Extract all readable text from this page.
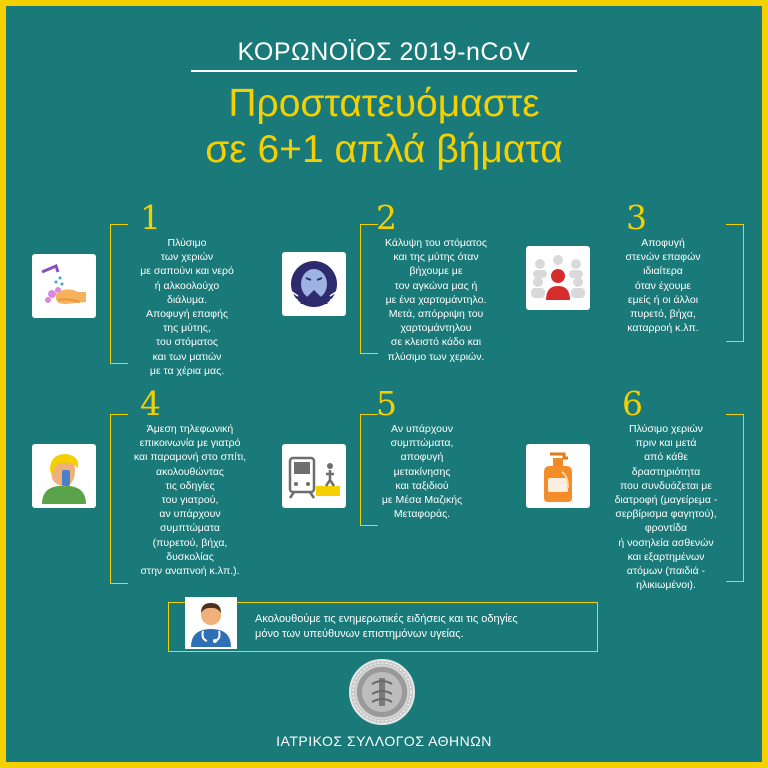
ΚΟΡΩΝΟΪΟΣ 2019-nCoV
Προστατευόμαστε
σε 6+1 απλά βήματα
1
Πλύσιμο
των χεριών
με σαπούνι και νερό
ή αλκοολούχο
διάλυμα.
Αποφυγή επαφής
της μύτης,
του στόματος
και των ματιών
με τα χέρια μας.
2
Κάλυψη του στόματος
και της μύτης όταν
βήχουμε με
τον αγκώνα μας ή
με ένα χαρτομάντηλο.
Μετά, απόρριψη του
χαρτομάντηλου
σε κλειστό κάδο και
πλύσιμο των χεριών.
3
Αποφυγή
στενών επαφών
ιδιαίτερα
όταν έχουμε
εμείς ή οι άλλοι
πυρετό, βήχα,
καταρροή κ.λπ.
4
Άμεση τηλεφωνική
επικοινωνία με γιατρό
και παραμονή στο σπίτι,
ακολουθώντας
τις οδηγίες
του γιατρού,
αν υπάρχουν
συμπτώματα
(πυρετού, βήχα,
δυσκολίας
στην αναπνοή κ.λπ.).
5
Αν υπάρχουν
συμπτώματα,
αποφυγή
μετακίνησης
και ταξιδιού
με Μέσα Μαζικής
Μεταφοράς.
6
Πλύσιμο χεριών
πριν και μετά
από κάθε
δραστηριότητα
που συνδυάζεται με
διατροφή (μαγείρεμα -
σερβίρισμα φαγητού),
φροντίδα
ή νοσηλεία ασθενών
και εξαρτημένων
ατόμων (παιδιά -
ηλικιωμένοι).
Ακολουθούμε τις ενημερωτικές ειδήσεις και τις οδηγίες
μόνο των υπεύθυνων επιστημόνων υγείας.
ΙΑΤΡΙΚΟΣ ΣΥΛΛΟΓΟΣ ΑΘΗΝΩΝ
